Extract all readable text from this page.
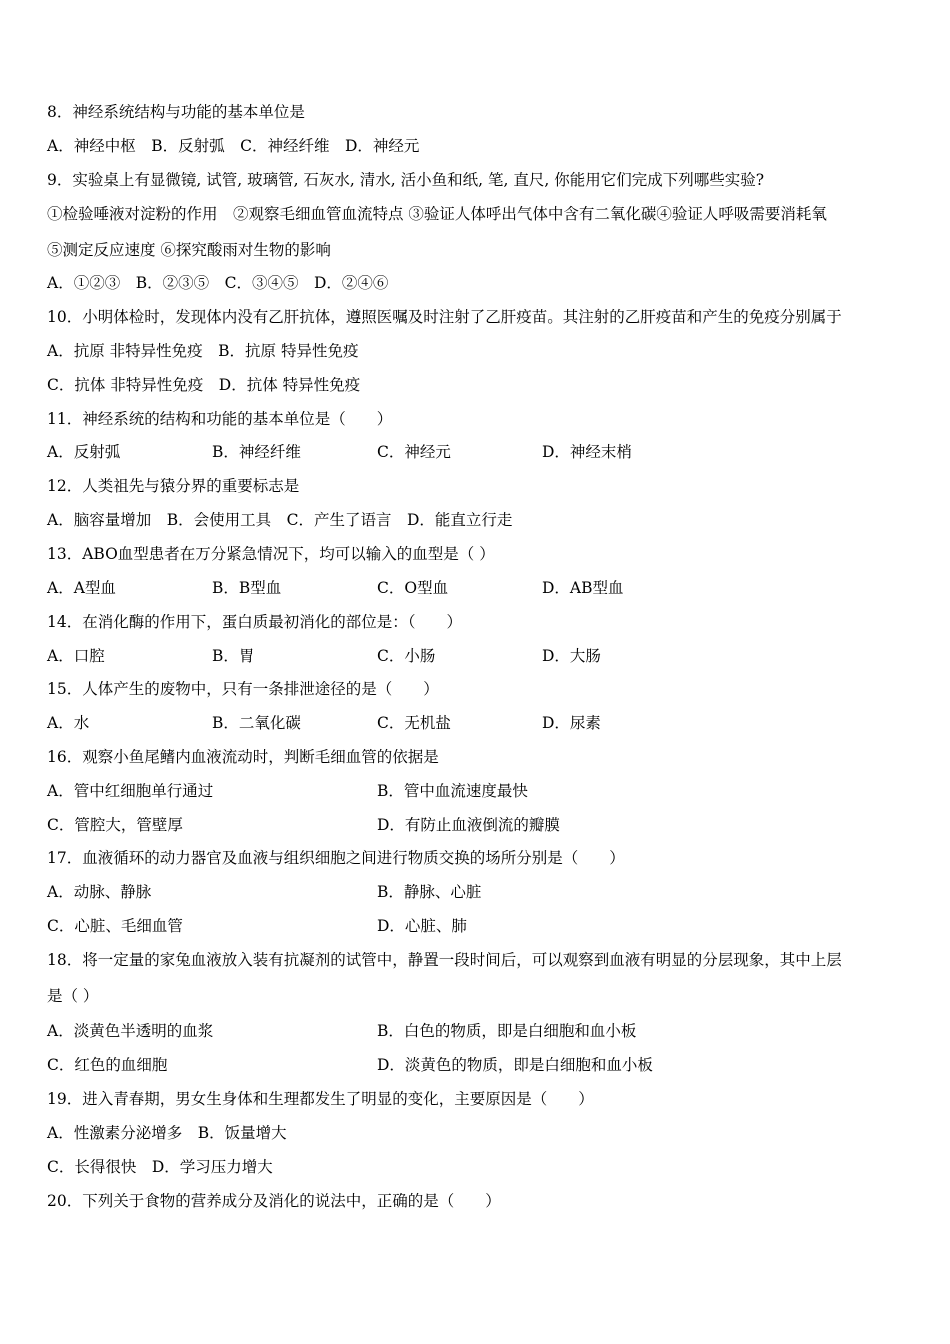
8．神经系统结构与功能的基本单位是
A．神经中枢　B．反射弧　C．神经纤维　D．神经元
9．实验桌上有显微镜, 试管, 玻璃管, 石灰水, 清水, 活小鱼和纸, 笔, 直尺, 你能用它们完成下列哪些实验?
①检验唾液对淀粉的作用　②观察毛细血管血流特点 ③验证人体呼出气体中含有二氧化碳④验证人呼吸需要消耗氧
⑤测定反应速度 ⑥探究酸雨对生物的影响
A．①②③　B．②③⑤　C．③④⑤　D．②④⑥
10．小明体检时，发现体内没有乙肝抗体，遵照医嘱及时注射了乙肝疫苗。其注射的乙肝疫苗和产生的免疫分别属于
A．抗原 非特异性免疫　B．抗原 特异性免疫
C．抗体 非特异性免疫　D．抗体 特异性免疫
11．神经系统的结构和功能的基本单位是（　　）
A．反射弧	B．神经纤维	C．神经元	D．神经末梢
12．人类祖先与猿分界的重要标志是
A．脑容量增加　B．会使用工具　C．产生了语言　D．能直立行走
13．ABO血型患者在万分紧急情况下，均可以输入的血型是（ ）
A．A型血	B．B型血	C．O型血	D．AB型血
14．在消化酶的作用下，蛋白质最初消化的部位是：（　　）
A．口腔	B．胃	C．小肠	D．大肠
15．人体产生的废物中，只有一条排泄途径的是（　　）
A．水	B．二氧化碳	C．无机盐	D．尿素
16．观察小鱼尾鳍内血液流动时，判断毛细血管的依据是
A．管中红细胞单行通过	B．管中血流速度最快
C．管腔大，管壁厚	D．有防止血液倒流的瓣膜
17．血液循环的动力器官及血液与组织细胞之间进行物质交换的场所分别是（　　）
A．动脉、静脉	B．静脉、心脏
C．心脏、毛细血管	D．心脏、肺
18．将一定量的家兔血液放入装有抗凝剂的试管中，静置一段时间后，可以观察到血液有明显的分层现象，其中上层
是（ ）
A．淡黄色半透明的血浆	B．白色的物质，即是白细胞和血小板
C．红色的血细胞	D．淡黄色的物质，即是白细胞和血小板
19．进入青春期，男女生身体和生理都发生了明显的变化，主要原因是（　　）
A．性激素分泌增多　B．饭量增大
C．长得很快　D．学习压力增大
20．下列关于食物的营养成分及消化的说法中，正确的是（　　）
